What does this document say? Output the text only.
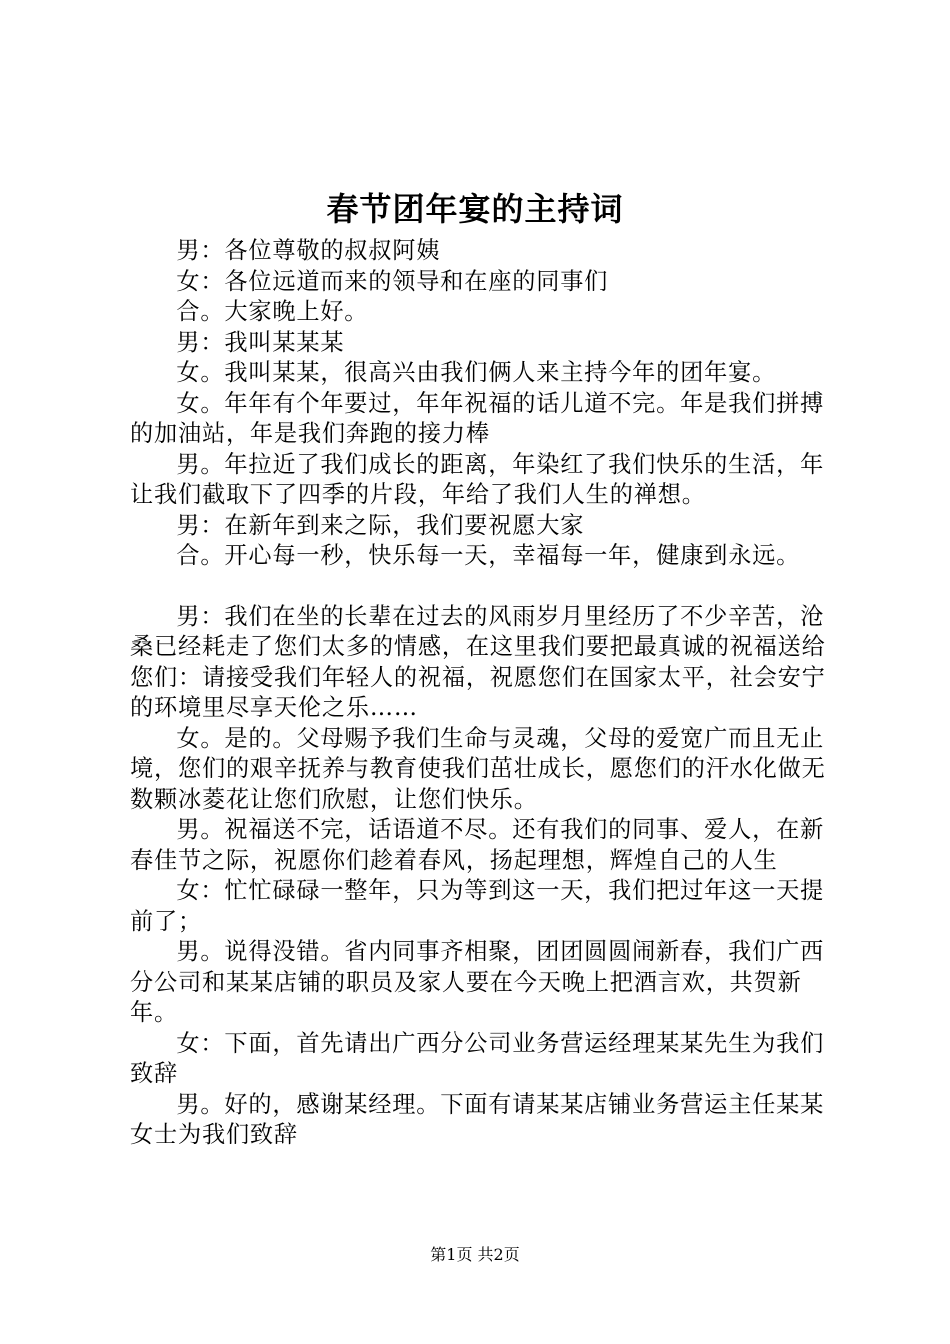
春节团年宴的主持词

男：各位尊敬的叔叔阿姨

女：各位远道而来的领导和在座的同事们

合。大家晚上好。

男：我叫某某某

女。我叫某某，很高兴由我们俩人来主持今年的团年宴。

女。年年有个年要过，年年祝福的话儿道不完。年是我们拼搏的加油站，年是我们奔跑的接力棒

男。年拉近了我们成长的距离，年染红了我们快乐的生活，年让我们截取下了四季的片段，年给了我们人生的禅想。

男：在新年到来之际，我们要祝愿大家

合。开心每一秒，快乐每一天，幸福每一年，健康到永远。

男：我们在坐的长辈在过去的风雨岁月里经历了不少辛苦，沧桑已经耗走了您们太多的情感，在这里我们要把最真诚的祝福送给您们：请接受我们年轻人的祝福，祝愿您们在国家太平，社会安宁的环境里尽享天伦之乐……

女。是的。父母赐予我们生命与灵魂，父母的爱宽广而且无止境，您们的艰辛抚养与教育使我们茁壮成长，愿您们的汗水化做无数颗冰菱花让您们欣慰，让您们快乐。

男。祝福送不完，话语道不尽。还有我们的同事、爱人，在新春佳节之际，祝愿你们趁着春风，扬起理想，辉煌自己的人生

女：忙忙碌碌一整年，只为等到这一天，我们把过年这一天提前了；

男。说得没错。省内同事齐相聚，团团圆圆闹新春，我们广西分公司和某某店铺的职员及家人要在今天晚上把酒言欢，共贺新年。

女：下面，首先请出广西分公司业务营运经理某某先生为我们致辞

男。好的，感谢某经理。下面有请某某店铺业务营运主任某某女士为我们致辞

第1页 共2页
